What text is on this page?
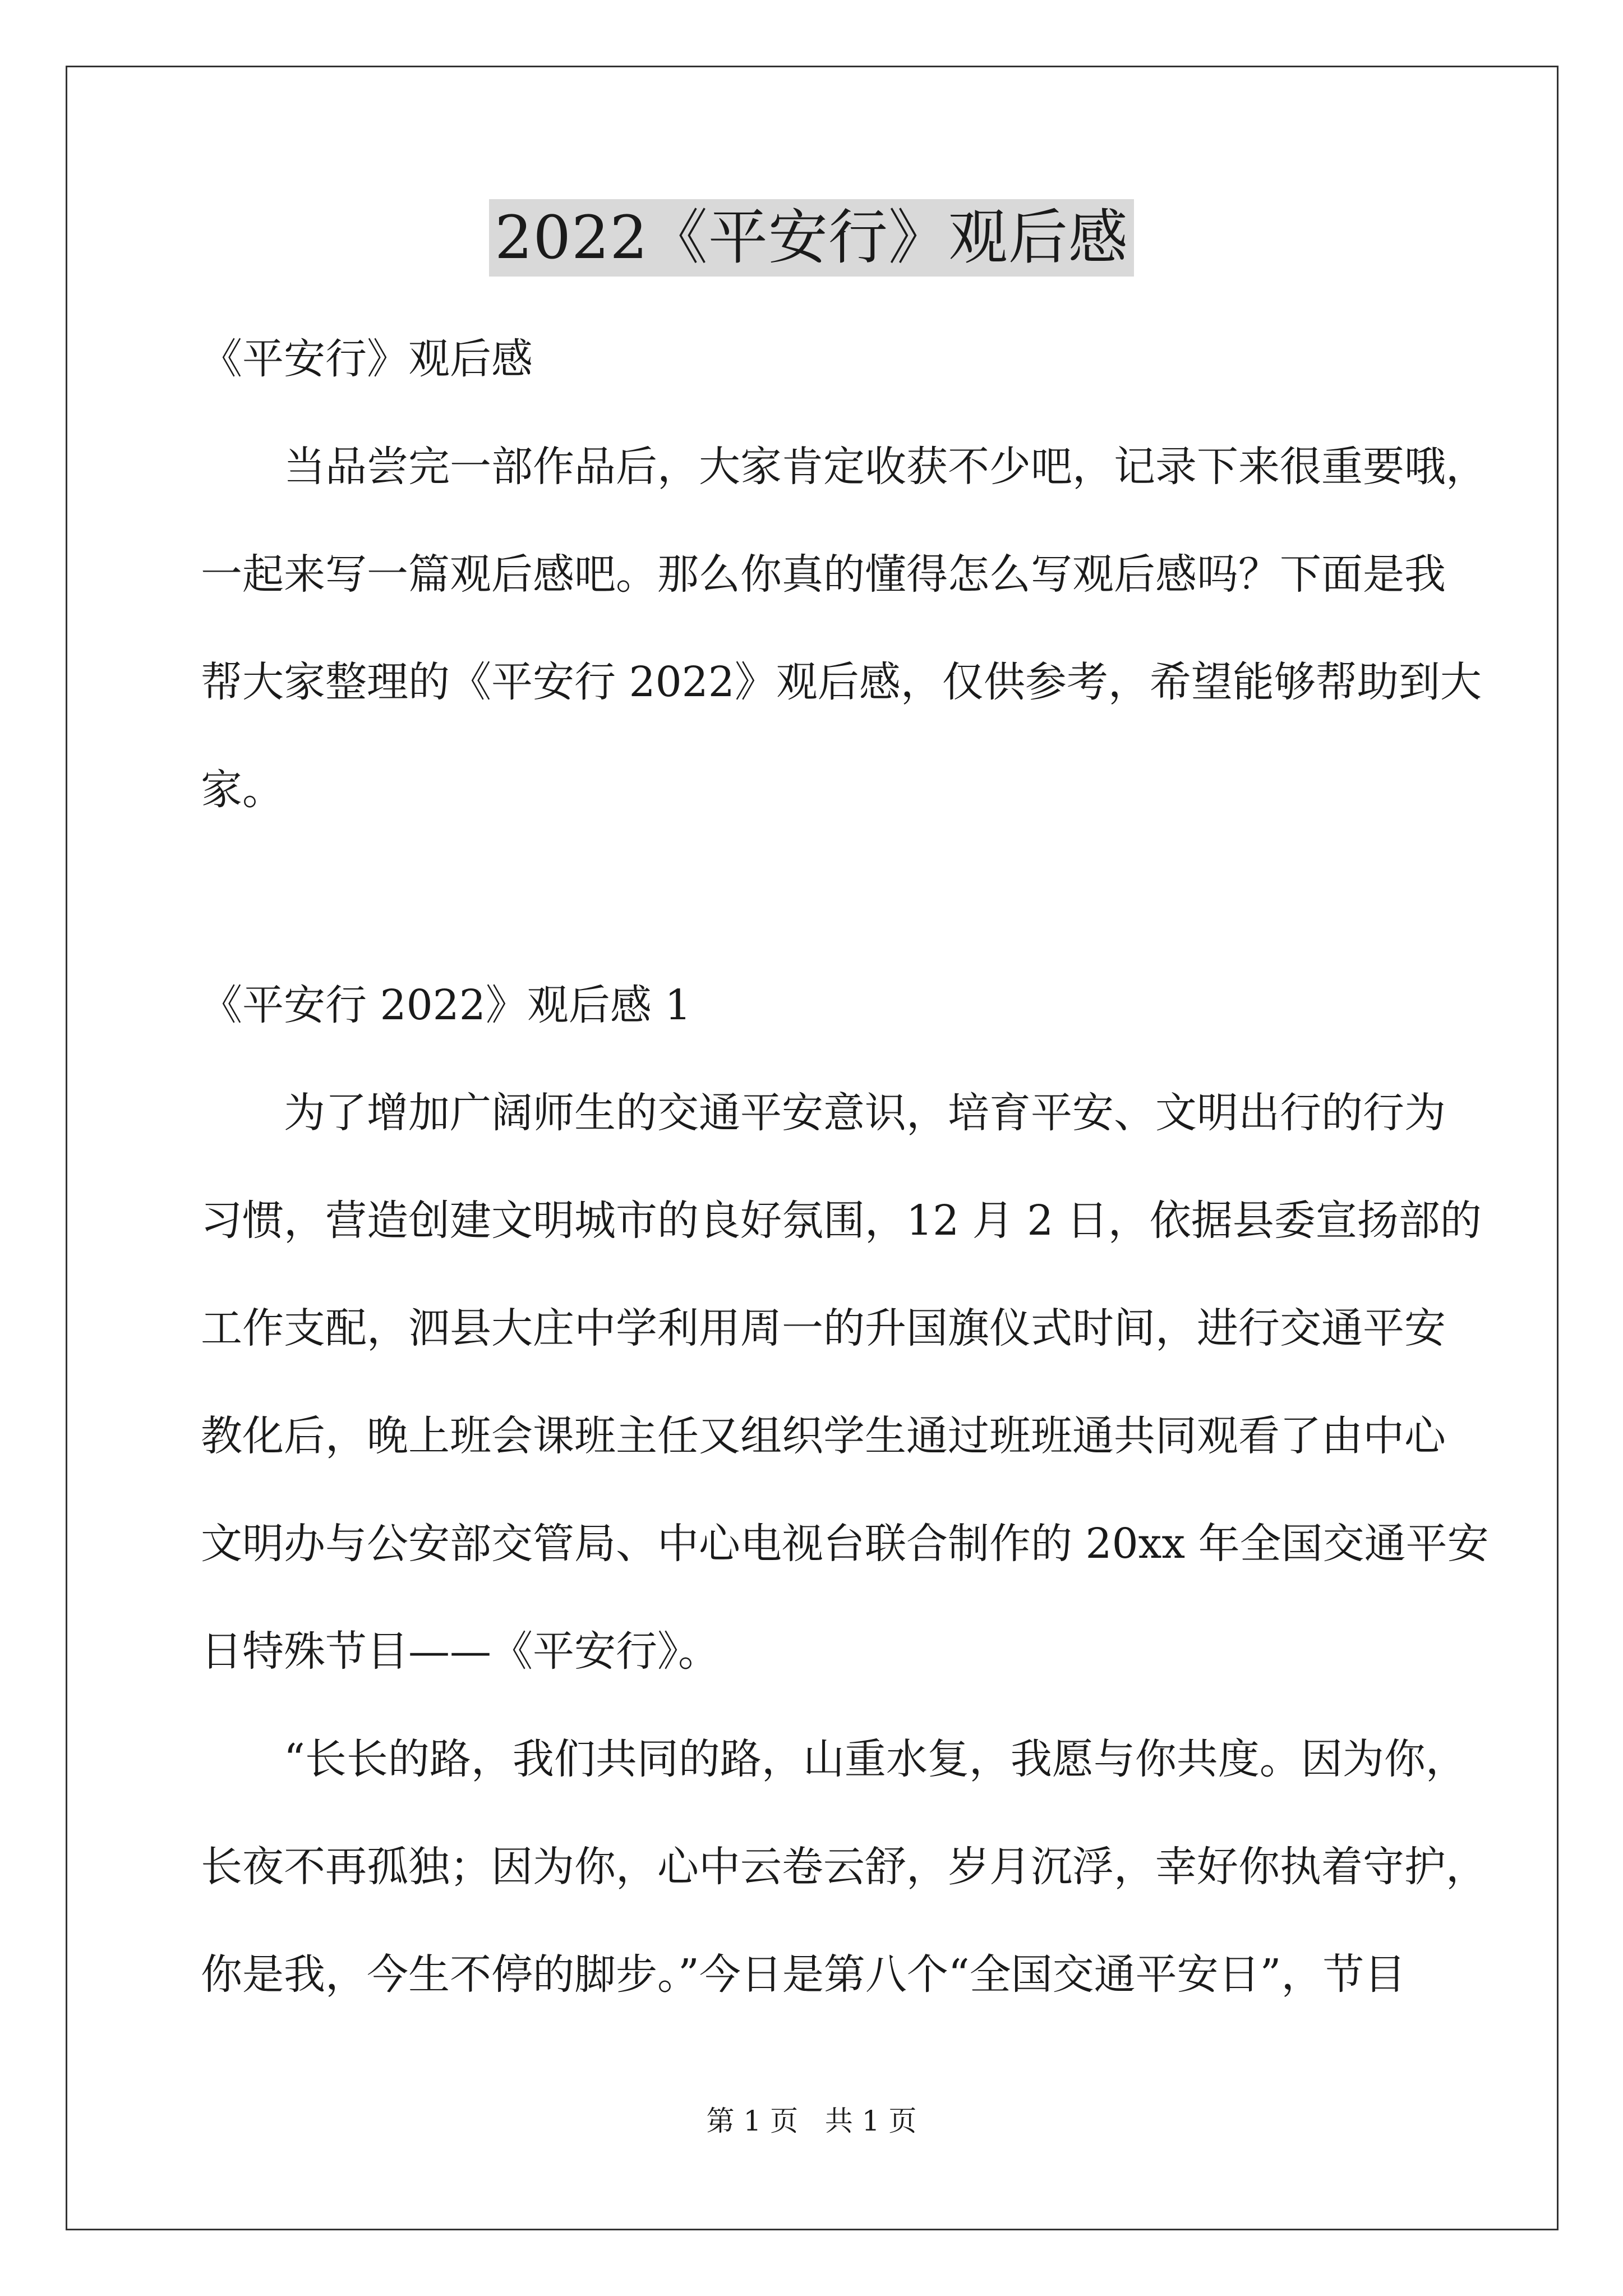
2022《平安行》观后感

《平安行》观后感

当品尝完一部作品后，大家肯定收获不少吧，记录下来很重要哦，

一起来写一篇观后感吧。那么你真的懂得怎么写观后感吗？下面是我

帮大家整理的《平安行 2022》观后感，仅供参考，希望能够帮助到大

家。

《平安行 2022》观后感 1

为了增加广阔师生的交通平安意识，培育平安、文明出行的行为

习惯，营造创建文明城市的良好氛围，12 月 2 日，依据县委宣扬部的

工作支配，泗县大庄中学利用周一的升国旗仪式时间，进行交通平安

教化后，晚上班会课班主任又组织学生通过班班通共同观看了由中心

文明办与公安部交管局、中心电视台联合制作的 20xx 年全国交通平安

日特殊节目——《平安行》。

“长长的路，我们共同的路，山重水复，我愿与你共度。因为你，

长夜不再孤独；因为你，心中云卷云舒，岁月沉浮，幸好你执着守护，

你是我，今生不停的脚步。”今日是第八个“全国交通平安日”，节目

第 1 页   共 1 页
